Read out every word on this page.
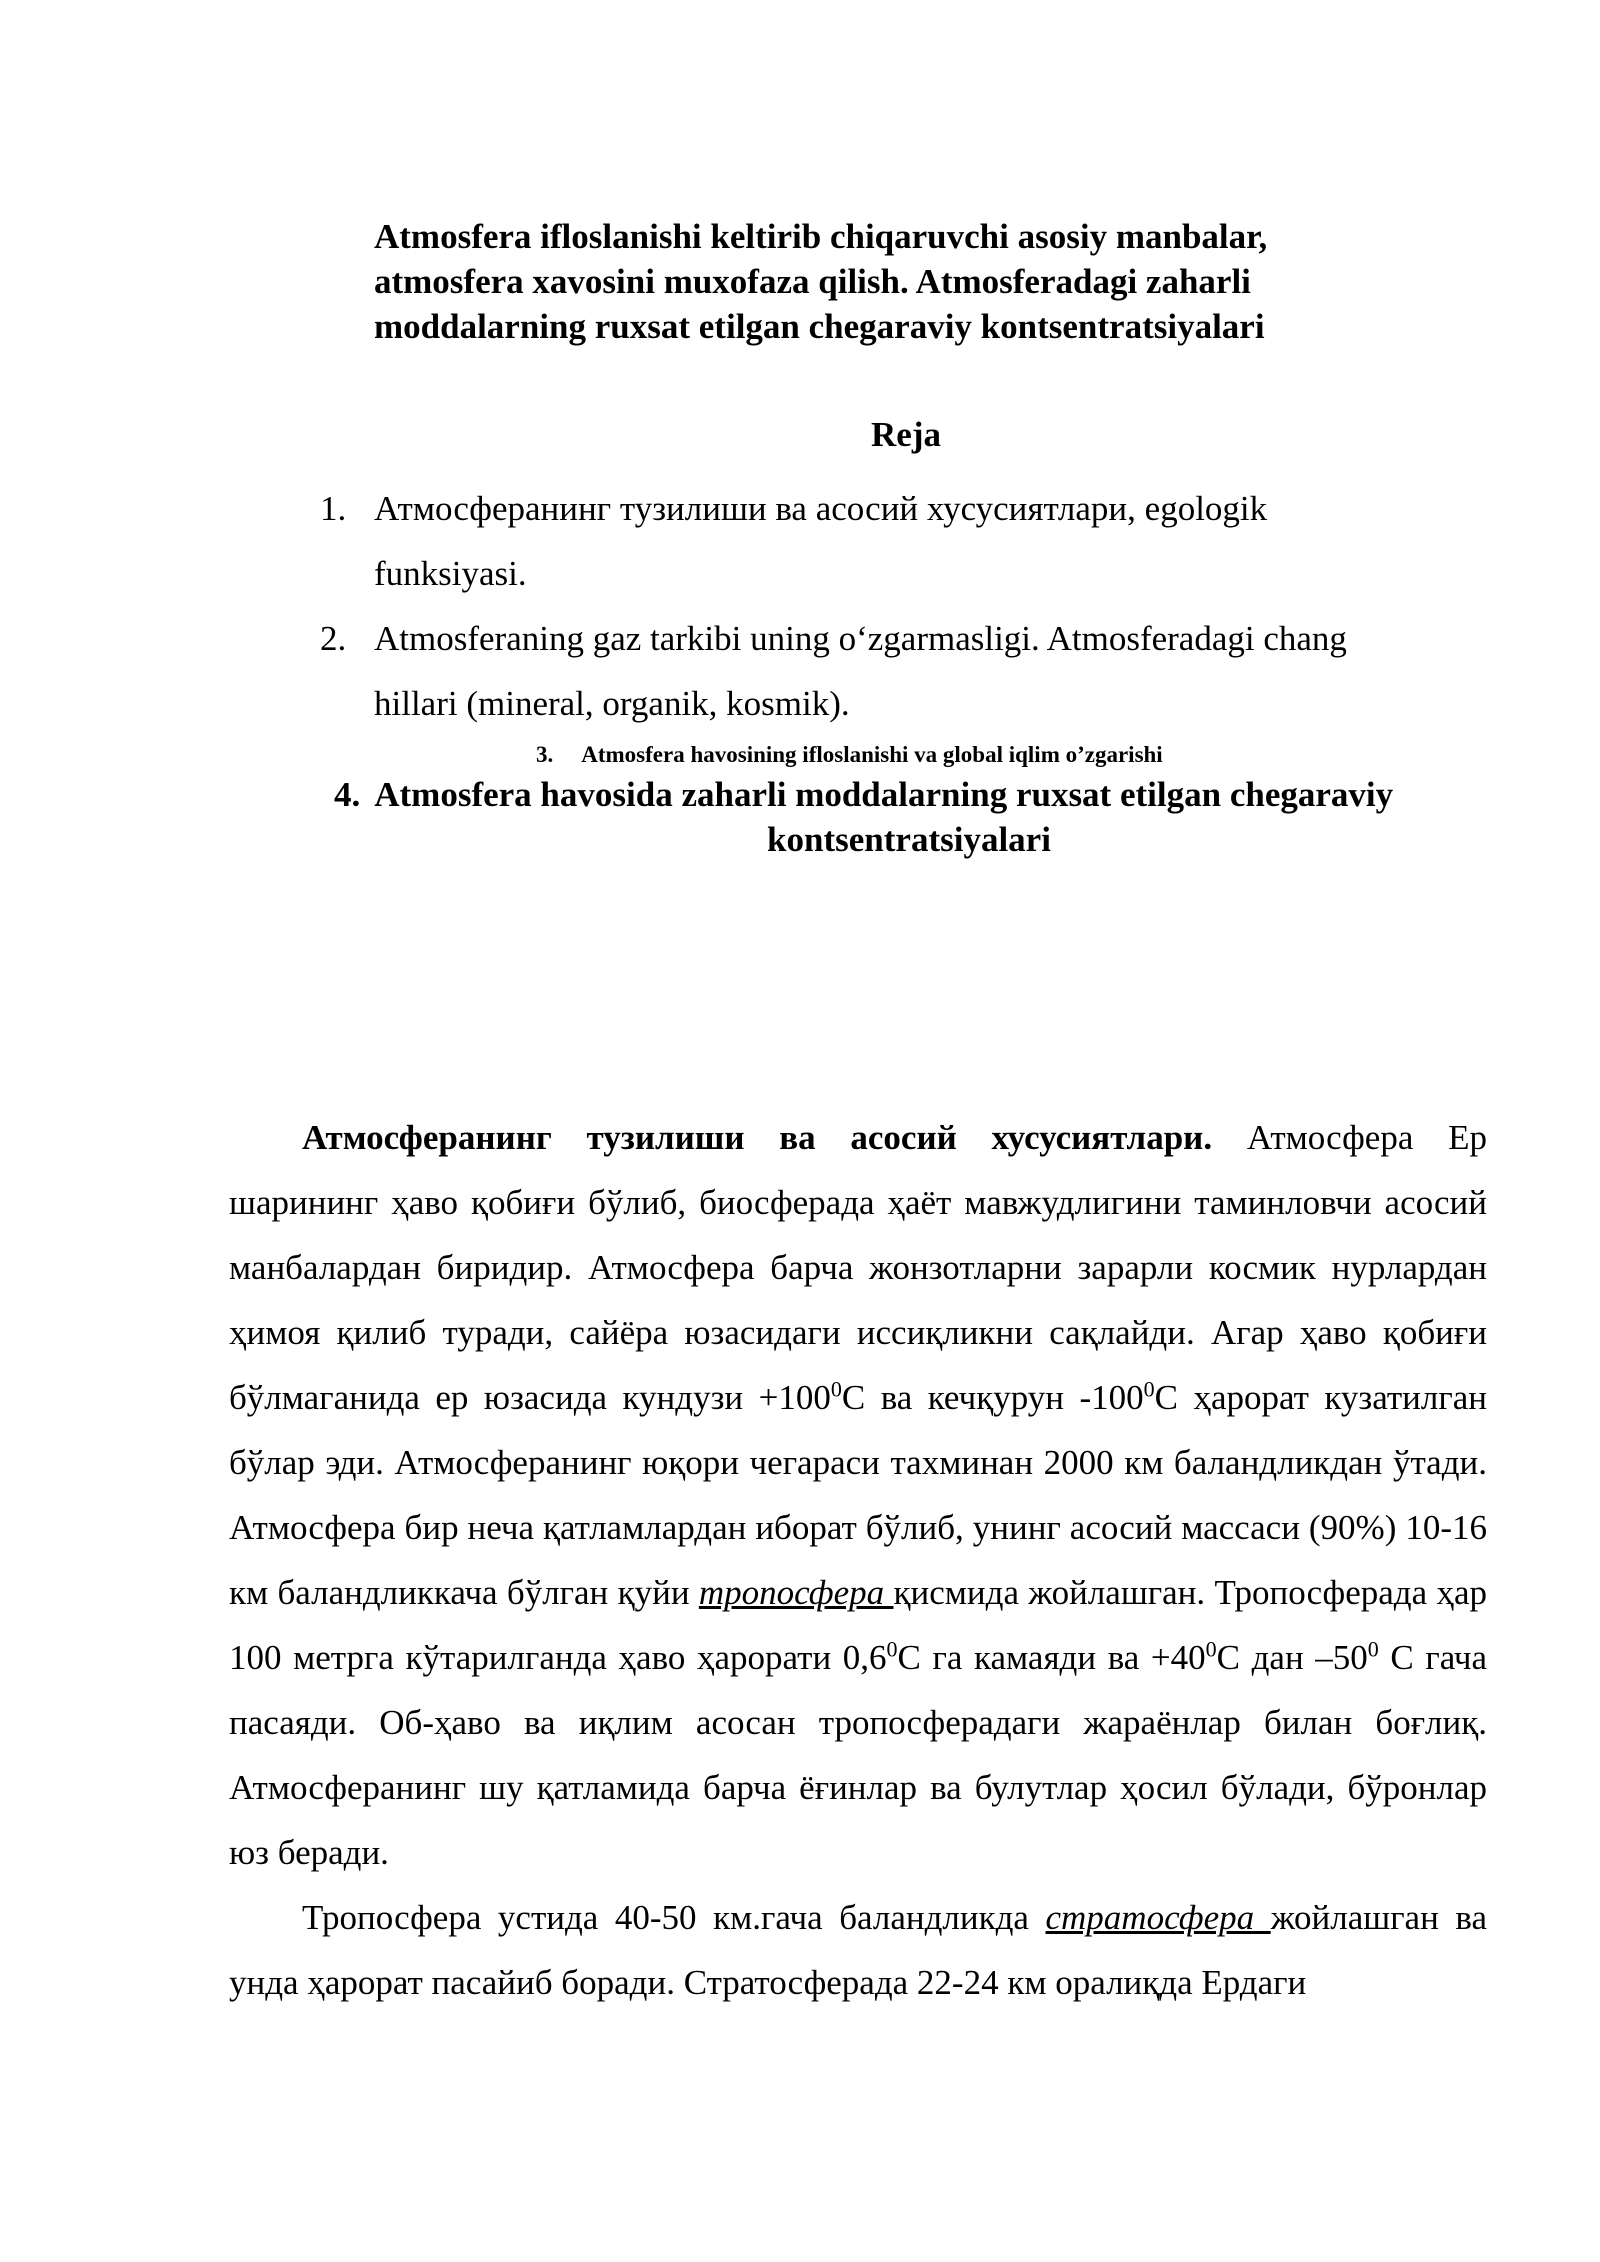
Atmosfera ifloslanishi keltirib chiqaruvchi asosiy manbalar,
atmosfera xavosini muxofaza qilish. Atmosferadagi zaharli
moddalarning ruxsat etilgan chegaraviy kontsentratsiyalari
Reja
1. Атмосферанинг тузилиши ва асосий хусусиятлари, egologik
funksiyasi.
2. Atmosferaning gaz tarkibi uning o‘zgarmasligi. Atmosferadagi chang
hillari (mineral, organik, kosmik).
3. Atmosfera havosining ifloslanishi va global iqlim o’zgarishi
4. Atmosfera havosida zaharli moddalarning ruxsat etilgan chegaraviy
kontsentratsiyalari

Атмосферанинг тузилиши ва асосий хусусиятлари. Атмосфера Ер шарининг ҳаво қобиғи бўлиб, биосферада ҳаёт мавжудлигини таминловчи асосий манбалардан биридир. Атмосфера барча жонзотларни зарарли космик нурлардан ҳимоя қилиб туради, сайёра юзасидаги иссиқликни сақлайди. Агар ҳаво қобиғи бўлмаганида ер юзасида кундузи $+100^0С$ ва кечқурун $-100^0С$ ҳарорат кузатилган бўлар эди. Атмосферанинг юқори чегараси тахминан 2000 км баландликдан ўтади. Атмосфера бир неча қатламлардан иборат бўлиб, унинг асосий массаси (90%) 10-16 км баландликкача бўлган қуйи тропосфера қисмида жойлашган. Тропосферада ҳар 100 метрга кўтарилганда ҳаво ҳарорати $0,6^0С$ га камаяди ва $+40^0С$ дан $-50^0$ С гача пасаяди. Об-ҳаво ва иқлим асосан тропосферадаги жараёнлар билан боғлиқ. Атмосферанинг шу қатламида барча ёғинлар ва булутлар ҳосил бўлади, бўронлар юз беради.

Тропосфера устида 40-50 км.гача баландликда стратосфера жойлашган ва унда ҳарорат пасайиб боради. Стратосферада 22-24 км оралиқда Ердаги
